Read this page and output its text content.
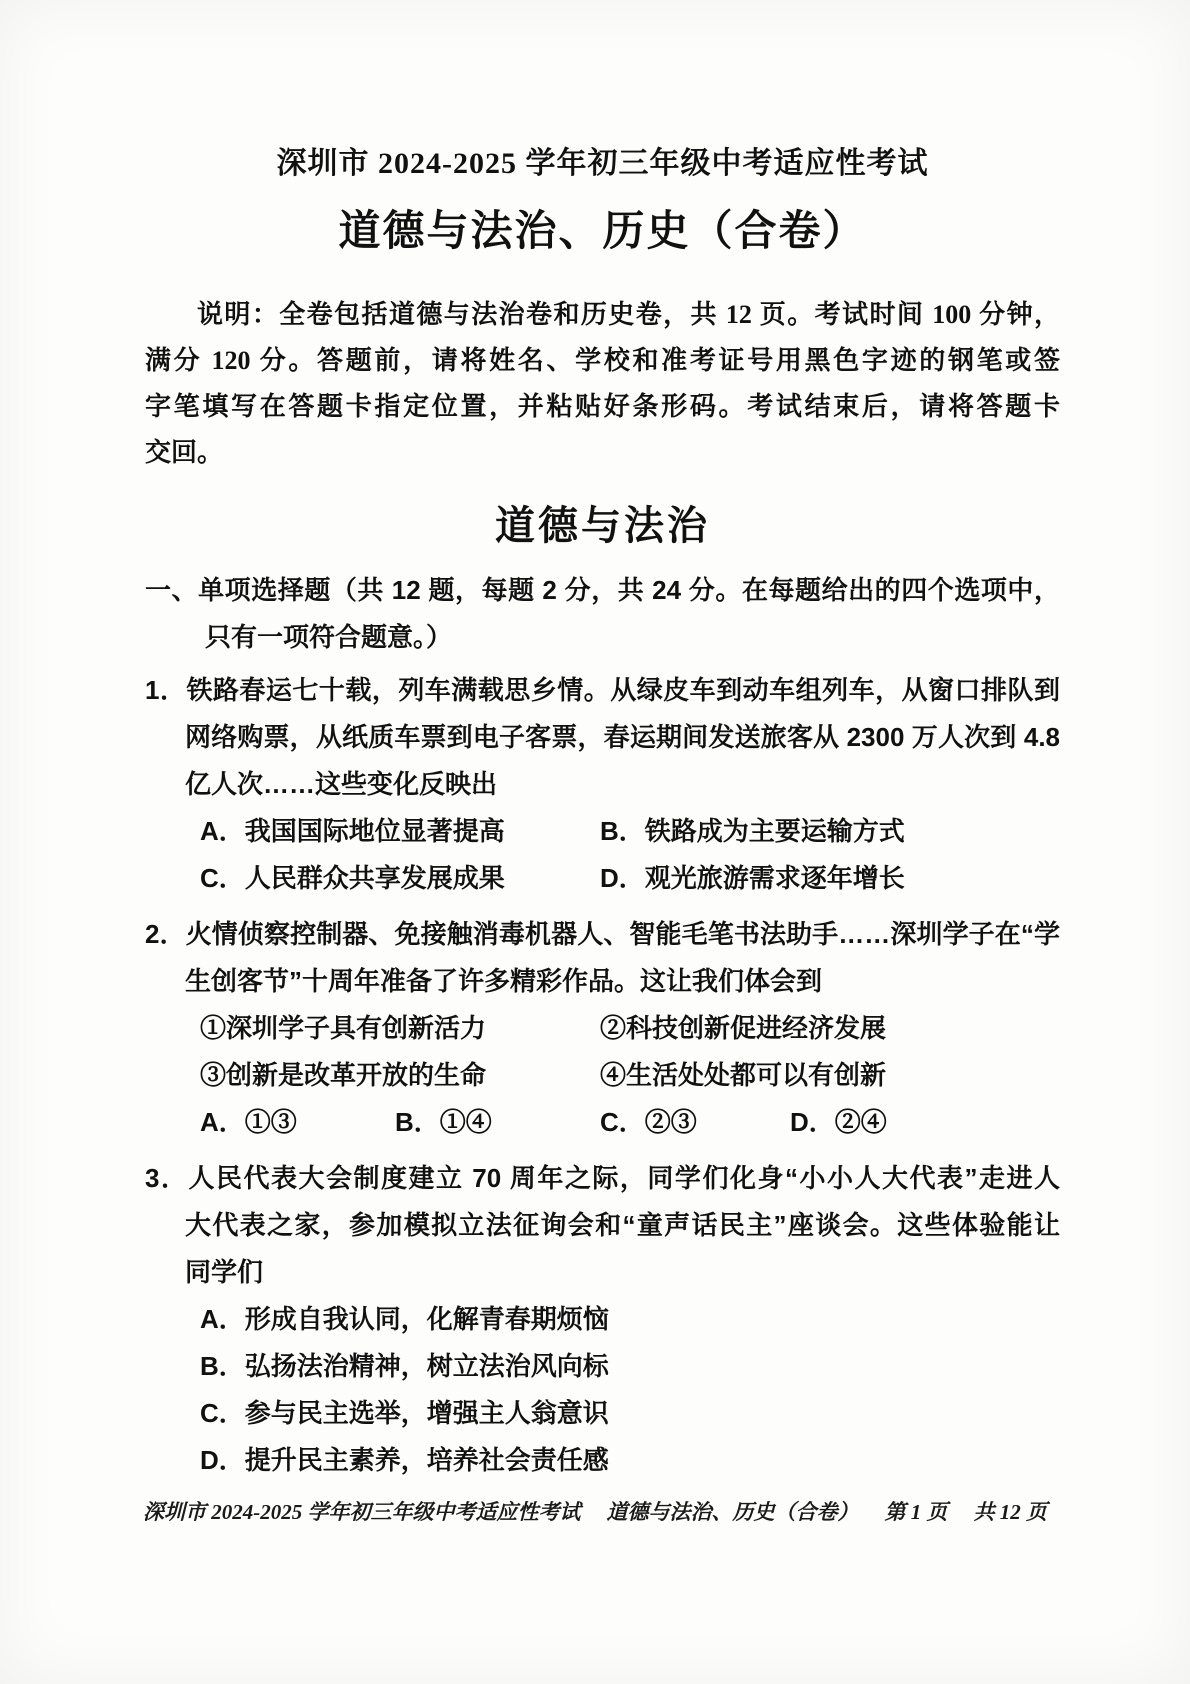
深圳市 2024-2025 学年初三年级中考适应性考试
道德与法治、历史（合卷）
说明：全卷包括道德与法治卷和历史卷，共 12 页。考试时间 100 分钟，
满分 120 分。答题前，请将姓名、学校和准考证号用黑色字迹的钢笔或签
字笔填写在答题卡指定位置，并粘贴好条形码。考试结束后，请将答题卡
交回。
道德与法治
一、单项选择题（共 12 题，每题 2 分，共 24 分。在每题给出的四个选项中，
只有一项符合题意。）
1．铁路春运七十载，列车满载思乡情。从绿皮车到动车组列车，从窗口排队到
网络购票，从纸质车票到电子客票，春运期间发送旅客从 2300 万人次到 4.8
亿人次……这些变化反映出
A．我国国际地位显著提高	B．铁路成为主要运输方式
C．人民群众共享发展成果	D．观光旅游需求逐年增长
2．火情侦察控制器、免接触消毒机器人、智能毛笔书法助手……深圳学子在“学
生创客节”十周年准备了许多精彩作品。这让我们体会到
①深圳学子具有创新活力	②科技创新促进经济发展
③创新是改革开放的生命	④生活处处都可以有创新
A．①③	B．①④	C．②③	D．②④
3．人民代表大会制度建立 70 周年之际，同学们化身“小小人大代表”走进人
大代表之家，参加模拟立法征询会和“童声话民主”座谈会。这些体验能让
同学们
A．形成自我认同，化解青春期烦恼
B．弘扬法治精神，树立法治风向标
C．参与民主选举，增强主人翁意识
D．提升民主素养，培养社会责任感
深圳市 2024-2025 学年初三年级中考适应性考试 道德与法治、历史（合卷） 第 1 页 共 12 页
